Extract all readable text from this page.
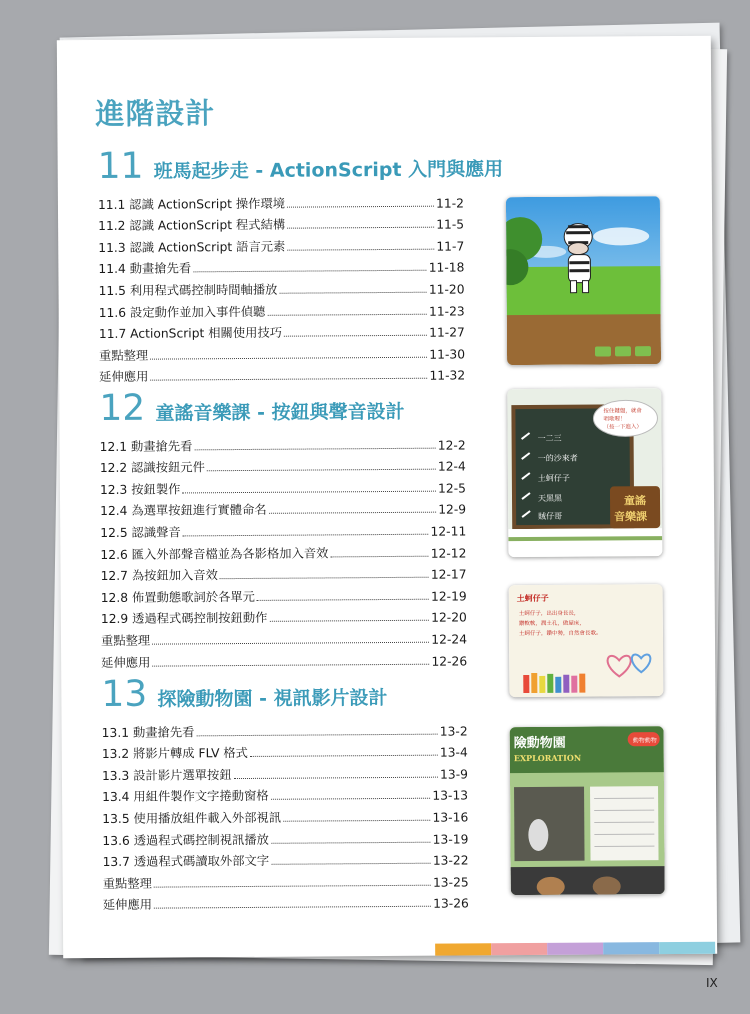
進階設計
11 班馬起步走 - ActionScript 入門與應用
11.1 認識 ActionScript 操作環境	11-2
11.2 認識 ActionScript 程式結構	11-5
11.3 認識 ActionScript 語言元素	11-7
11.4 動畫搶先看	11-18
11.5 利用程式碼控制時間軸播放	11-20
11.6 設定動作並加入事件偵聽	11-23
11.7 ActionScript 相關使用技巧	11-27
重點整理	11-30
延伸應用	11-32
12 童謠音樂課 - 按鈕與聲音設計
12.1 動畫搶先看	12-2
12.2 認識按鈕元件	12-4
12.3 按鈕製作	12-5
12.4 為選單按鈕進行實體命名	12-9
12.5 認識聲音	12-11
12.6 匯入外部聲音檔並為各影格加入音效	12-12
12.7 為按鈕加入音效	12-17
12.8 佈置動態歌詞於各單元	12-19
12.9 透過程式碼控制按鈕動作	12-20
重點整理	12-24
延伸應用	12-26
13 探險動物園 - 視訊影片設計
13.1 動畫搶先看	13-2
13.2 將影片轉成 FLV 格式	13-4
13.3 設計影片選單按鈕	13-9
13.4 用組件製作文字捲動窗格	13-13
13.5 使用播放組件載入外部視訊	13-16
13.6 透過程式碼控制視訊播放	13-19
13.7 透過程式碼讀取外部文字	13-22
重點整理	13-25
延伸應用	13-26
按住鍵盤，就會
唱歌喔！
（按一下進入）
一二三
一的沙來者
土蚵仔子
天黑黑
賊仔哥
童謠
音樂課
土蚵仔子
土蚵仔子，出出身長長，
鑽軟軟，潤土孔，做屋床，
土蚵仔子，鑽中勢，自然會長歌。
險動物園
EXPLORATION
動物動物
IX
